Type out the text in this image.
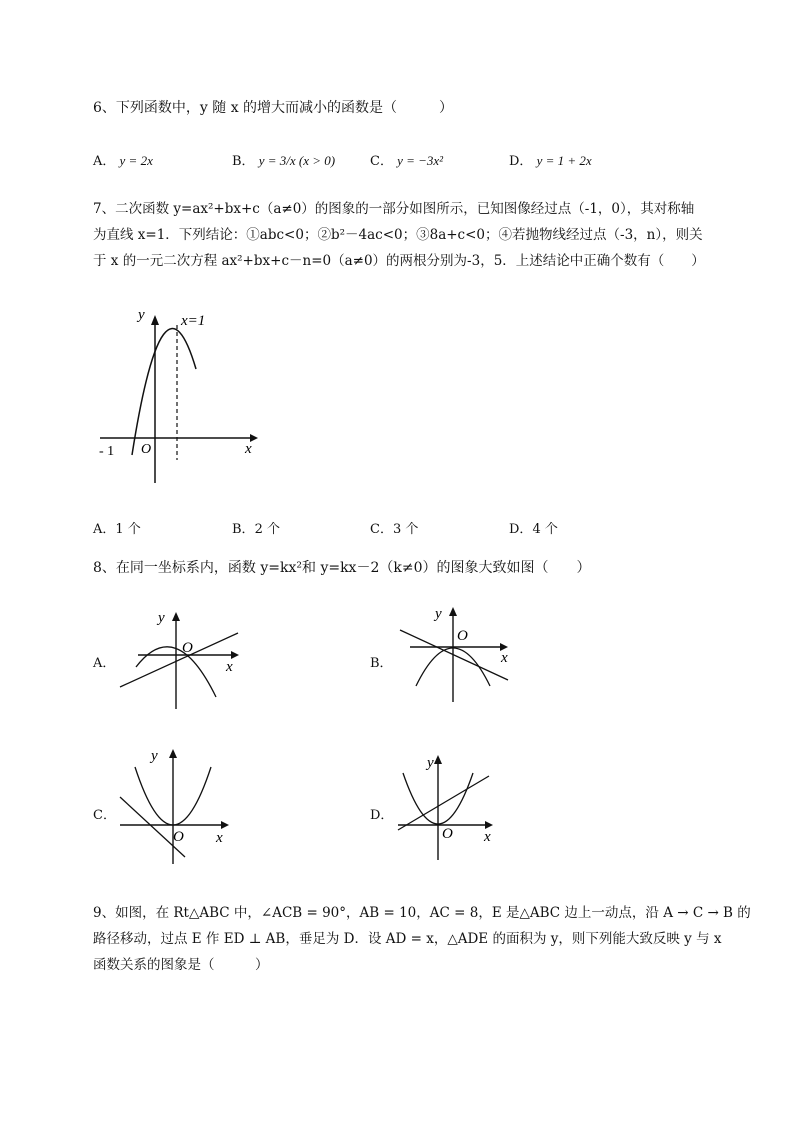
6、下列函数中，y 随 x 的增大而减小的函数是（　　　）
A． y = 2x	B． y = 3/x (x > 0)	C． y = −3x²	D． y = 1 + 2x
7、二次函数 y=ax²+bx+c（a≠0）的图象的一部分如图所示，已知图像经过点（-1，0），其对称轴
为直线 x=1．下列结论：①abc<0；②b²－4ac<0；③8a+c<0；④若抛物线经过点（-3，n），则关
于 x 的一元二次方程 ax²+bx+c－n=0（a≠0）的两根分别为-3，5．上述结论中正确个数有（　　）
y x=1
O
- 1	x
A．1 个	B．2 个	C．3 个	D．4 个
8、在同一坐标系内，函数 y=kx²和 y=kx－2（k≠0）的图象大致如图（　　）
A．
y
O
x	B．
y
O
x
C．
y
O x
D．
y
O x
9、如图，在 Rt△ABC 中，∠ACB = 90°，AB = 10，AC = 8，E 是△ABC 边上一动点，沿 A → C → B 的
路径移动，过点 E 作 ED ⊥ AB，垂足为 D．设 AD = x，△ADE 的面积为 y，则下列能大致反映 y 与 x
函数关系的图象是（　　　）
